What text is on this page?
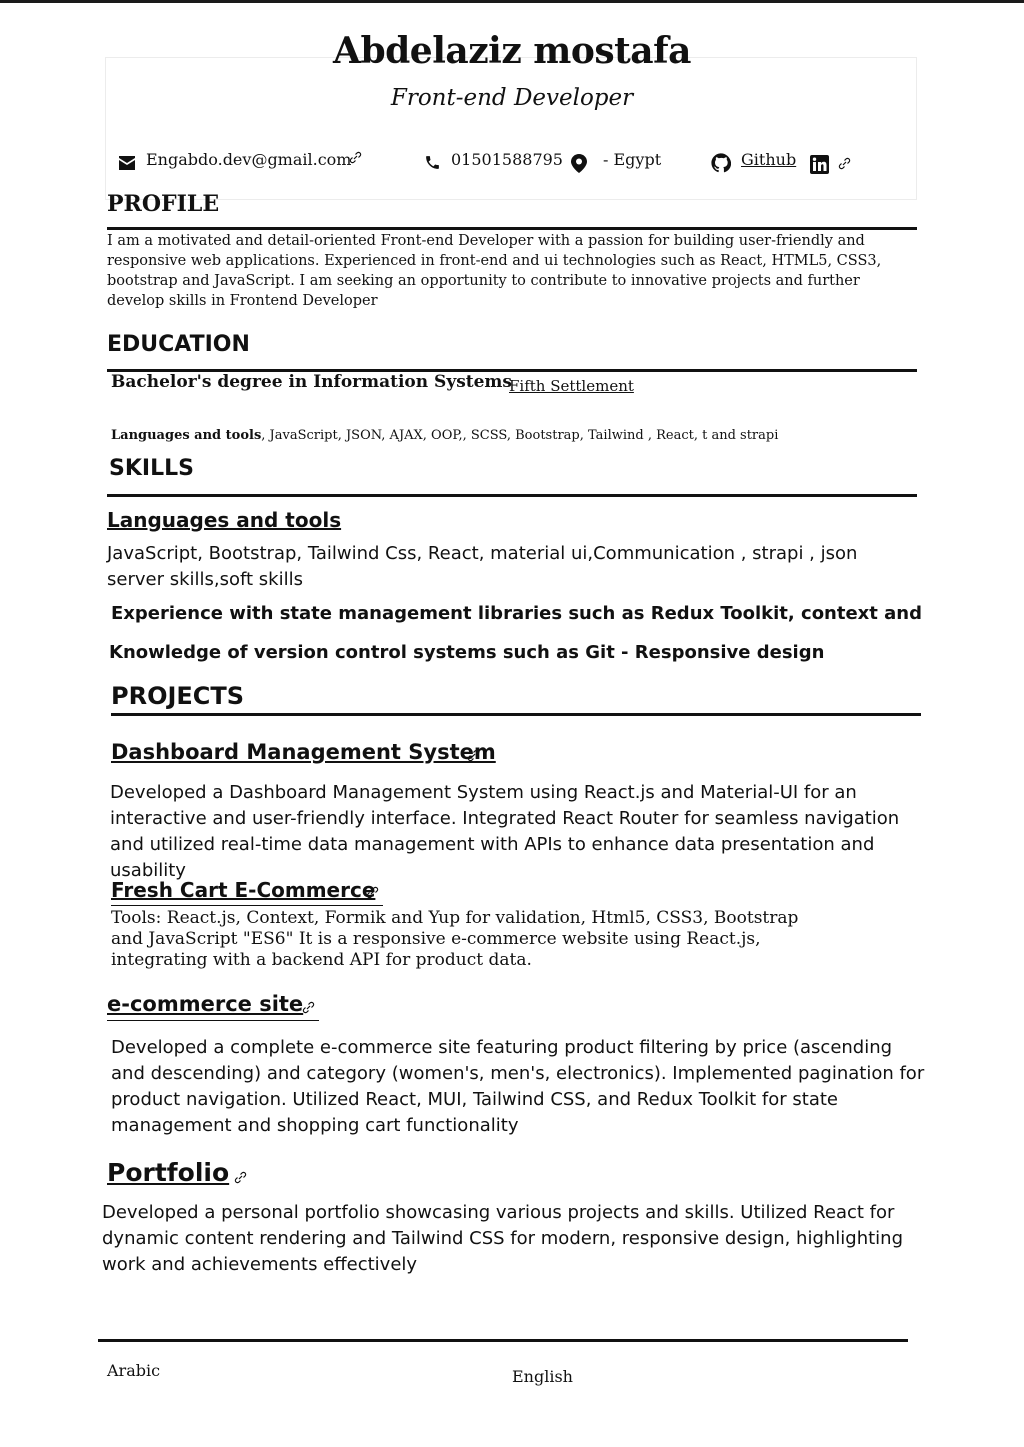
Abdelaziz mostafa
Front-end Developer
Engabdo.dev@gmail.com	01501588795	- Egypt	Github
PROFILE
I am a motivated and detail-oriented Front-end Developer with a passion for building user-friendly and responsive web applications. Experienced in front-end and ui technologies such as React, HTML5, CSS3, bootstrap and JavaScript. I am seeking an opportunity to contribute to innovative projects and further develop skills in Frontend Developer
EDUCATION
Bachelor's degree in Information Systems
Fifth Settlement
Languages and tools, JavaScript, JSON, AJAX, OOP,, SCSS, Bootstrap, Tailwind , React, t and strapi
SKILLS
Languages and tools
JavaScript, Bootstrap, Tailwind Css, React, material ui,Communication , strapi , json server skills,soft skills
Experience with state management libraries such as Redux Toolkit, context and
Knowledge of version control systems such as Git - Responsive design
PROJECTS
Dashboard Management System
Developed a Dashboard Management System using React.js and Material-UI for an interactive and user-friendly interface. Integrated React Router for seamless navigation and utilized real-time data management with APIs to enhance data presentation and usability
Fresh Cart E-Commerce
Tools: React.js, Context, Formik and Yup for validation, Html5, CSS3, Bootstrap and JavaScript "ES6" It is a responsive e-commerce website using React.js, integrating with a backend API for product data.
e-commerce site
Developed a complete e-commerce site featuring product filtering by price (ascending and descending) and category (women's, men's, electronics). Implemented pagination for product navigation. Utilized React, MUI, Tailwind CSS, and Redux Toolkit for state management and shopping cart functionality
Portfolio
Developed a personal portfolio showcasing various projects and skills. Utilized React for dynamic content rendering and Tailwind CSS for modern, responsive design, highlighting work and achievements effectively
Arabic	English
